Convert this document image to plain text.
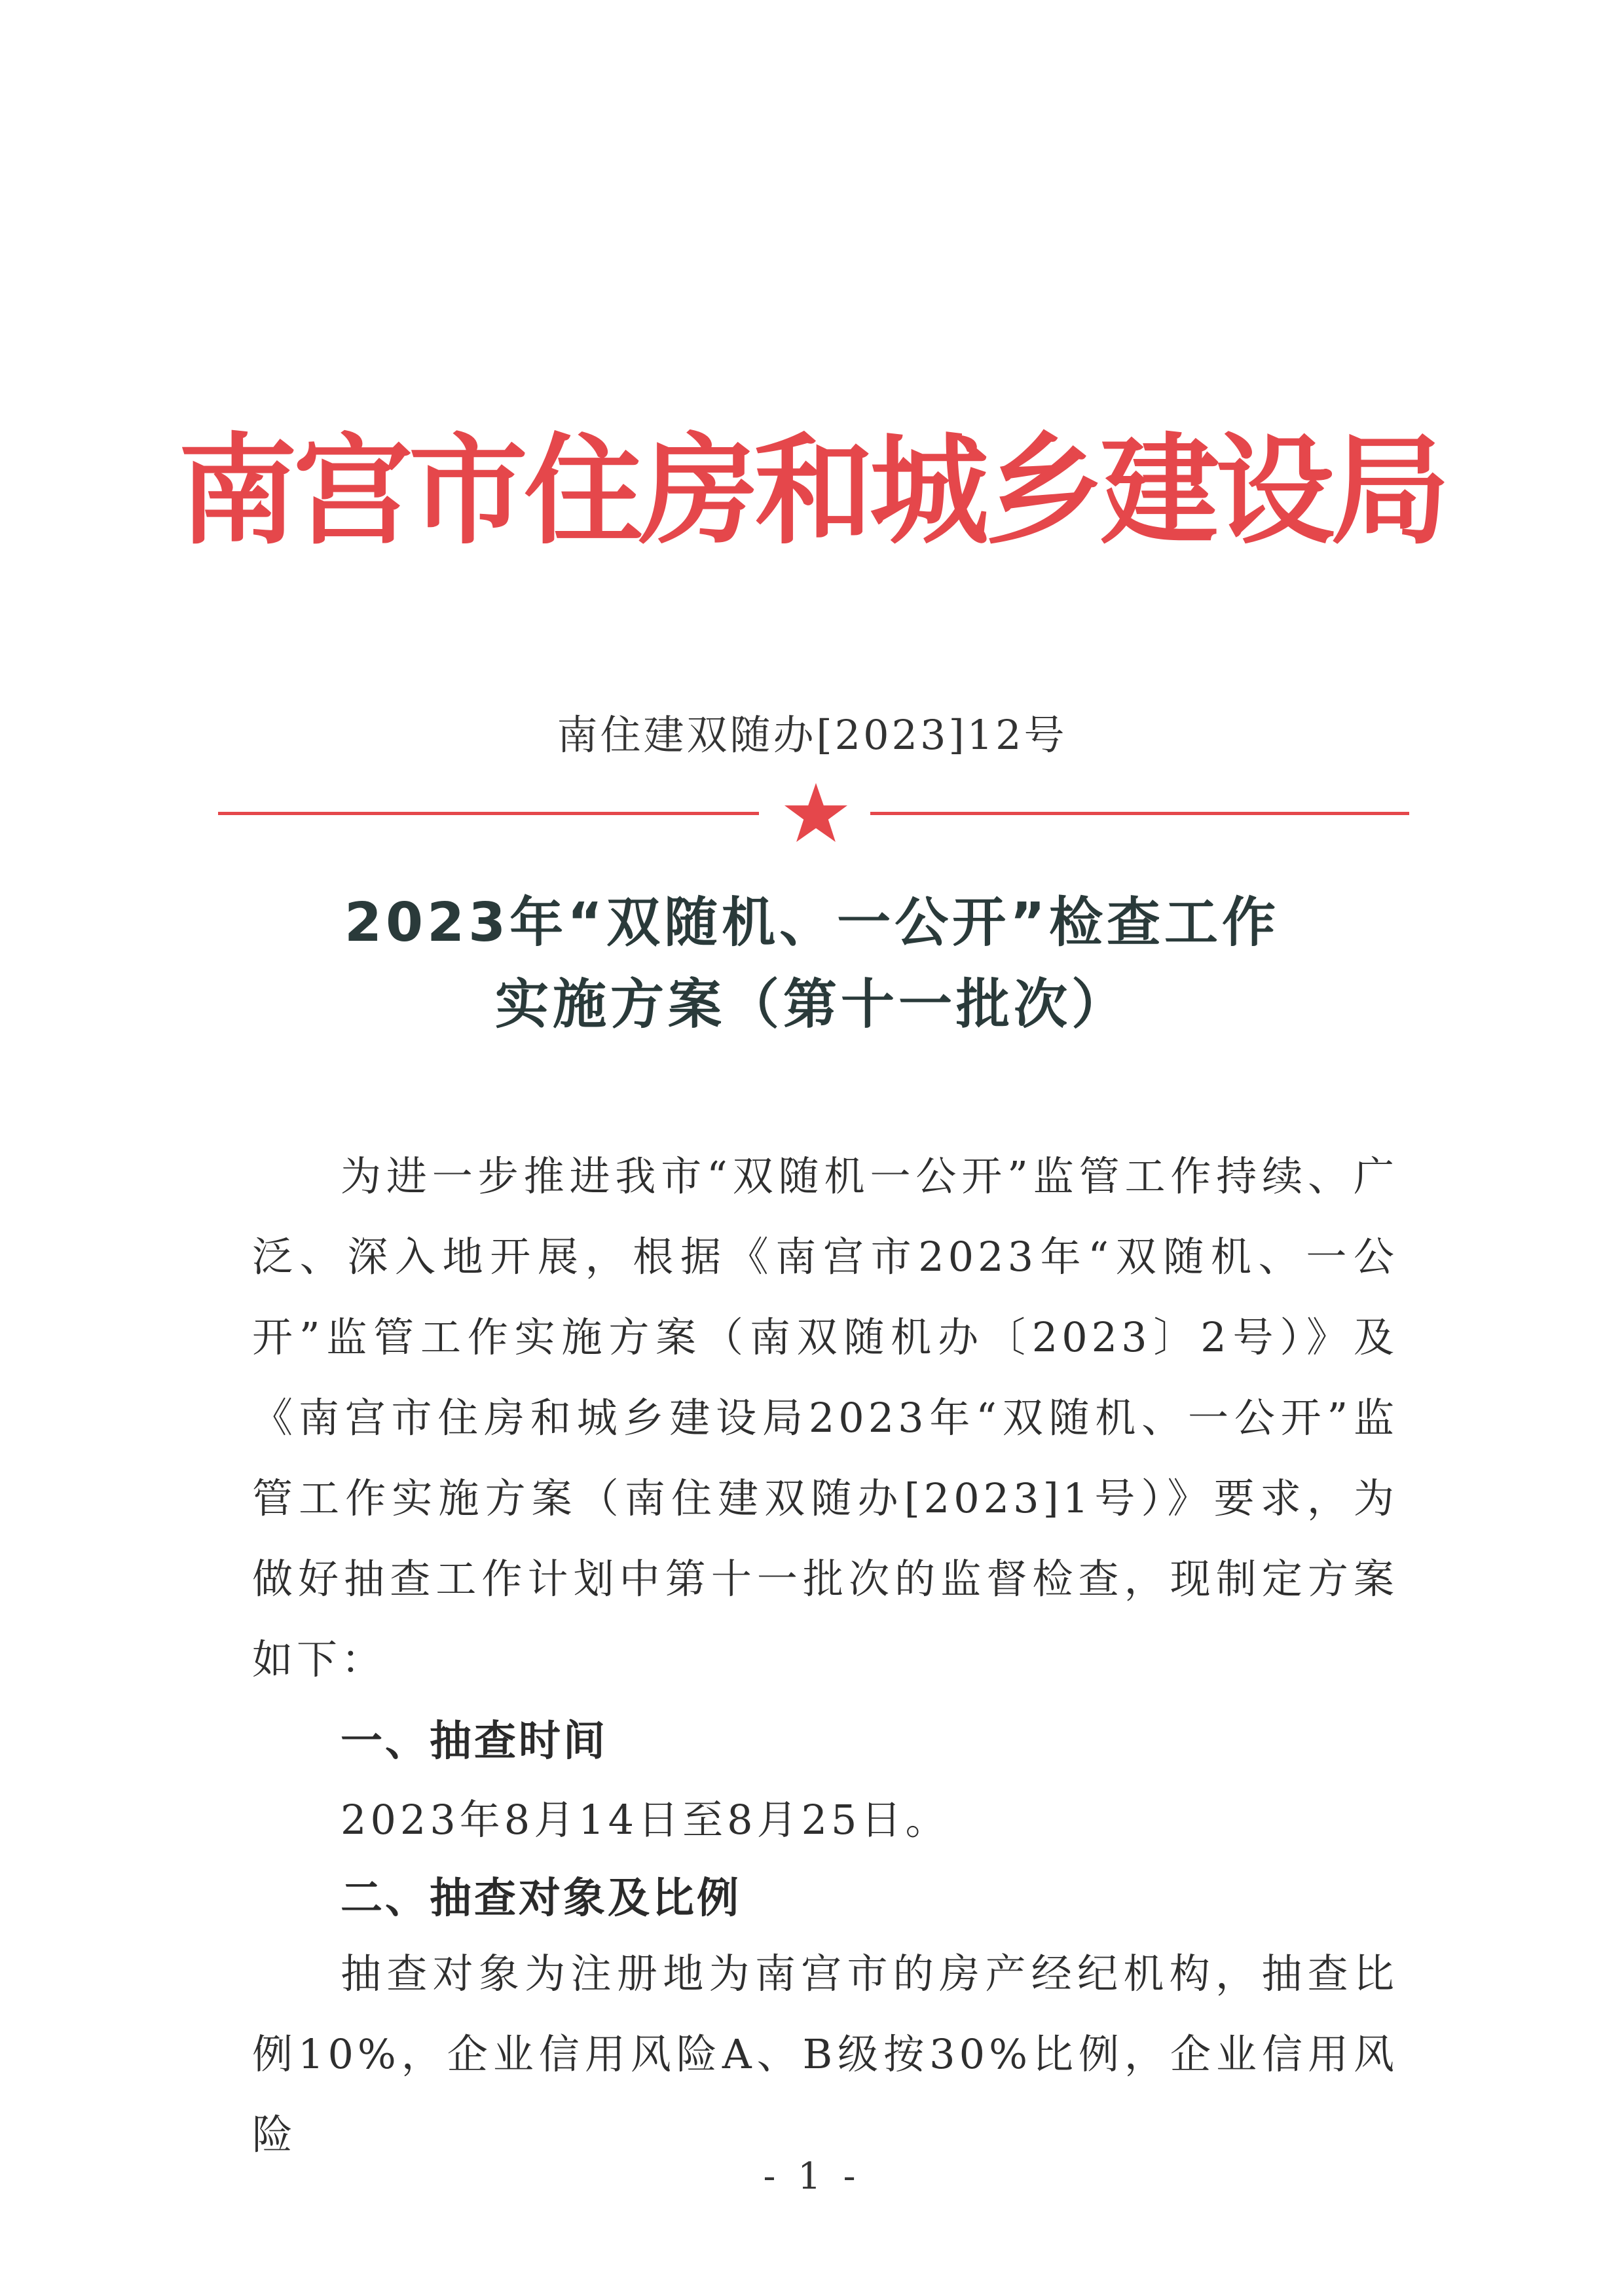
南宫市住房和城乡建设局
南住建双随办[2023]12号
2023年“双随机、一公开”检查工作
实施方案（第十一批次）
为进一步推进我市“双随机一公开”监管工作持续、广泛、深入地开展，根据《南宫市2023年“双随机、一公开”监管工作实施方案（南双随机办〔2023〕2号）》及《南宫市住房和城乡建设局2023年“双随机、一公开”监管工作实施方案（南住建双随办[2023]1号）》要求，为做好抽查工作计划中第十一批次的监督检查，现制定方案如下：
一、抽查时间
2023年8月14日至8月25日。
二、抽查对象及比例
抽查对象为注册地为南宫市的房产经纪机构，抽查比例10%，企业信用风险A、B级按30%比例，企业信用风险
- 1 -
